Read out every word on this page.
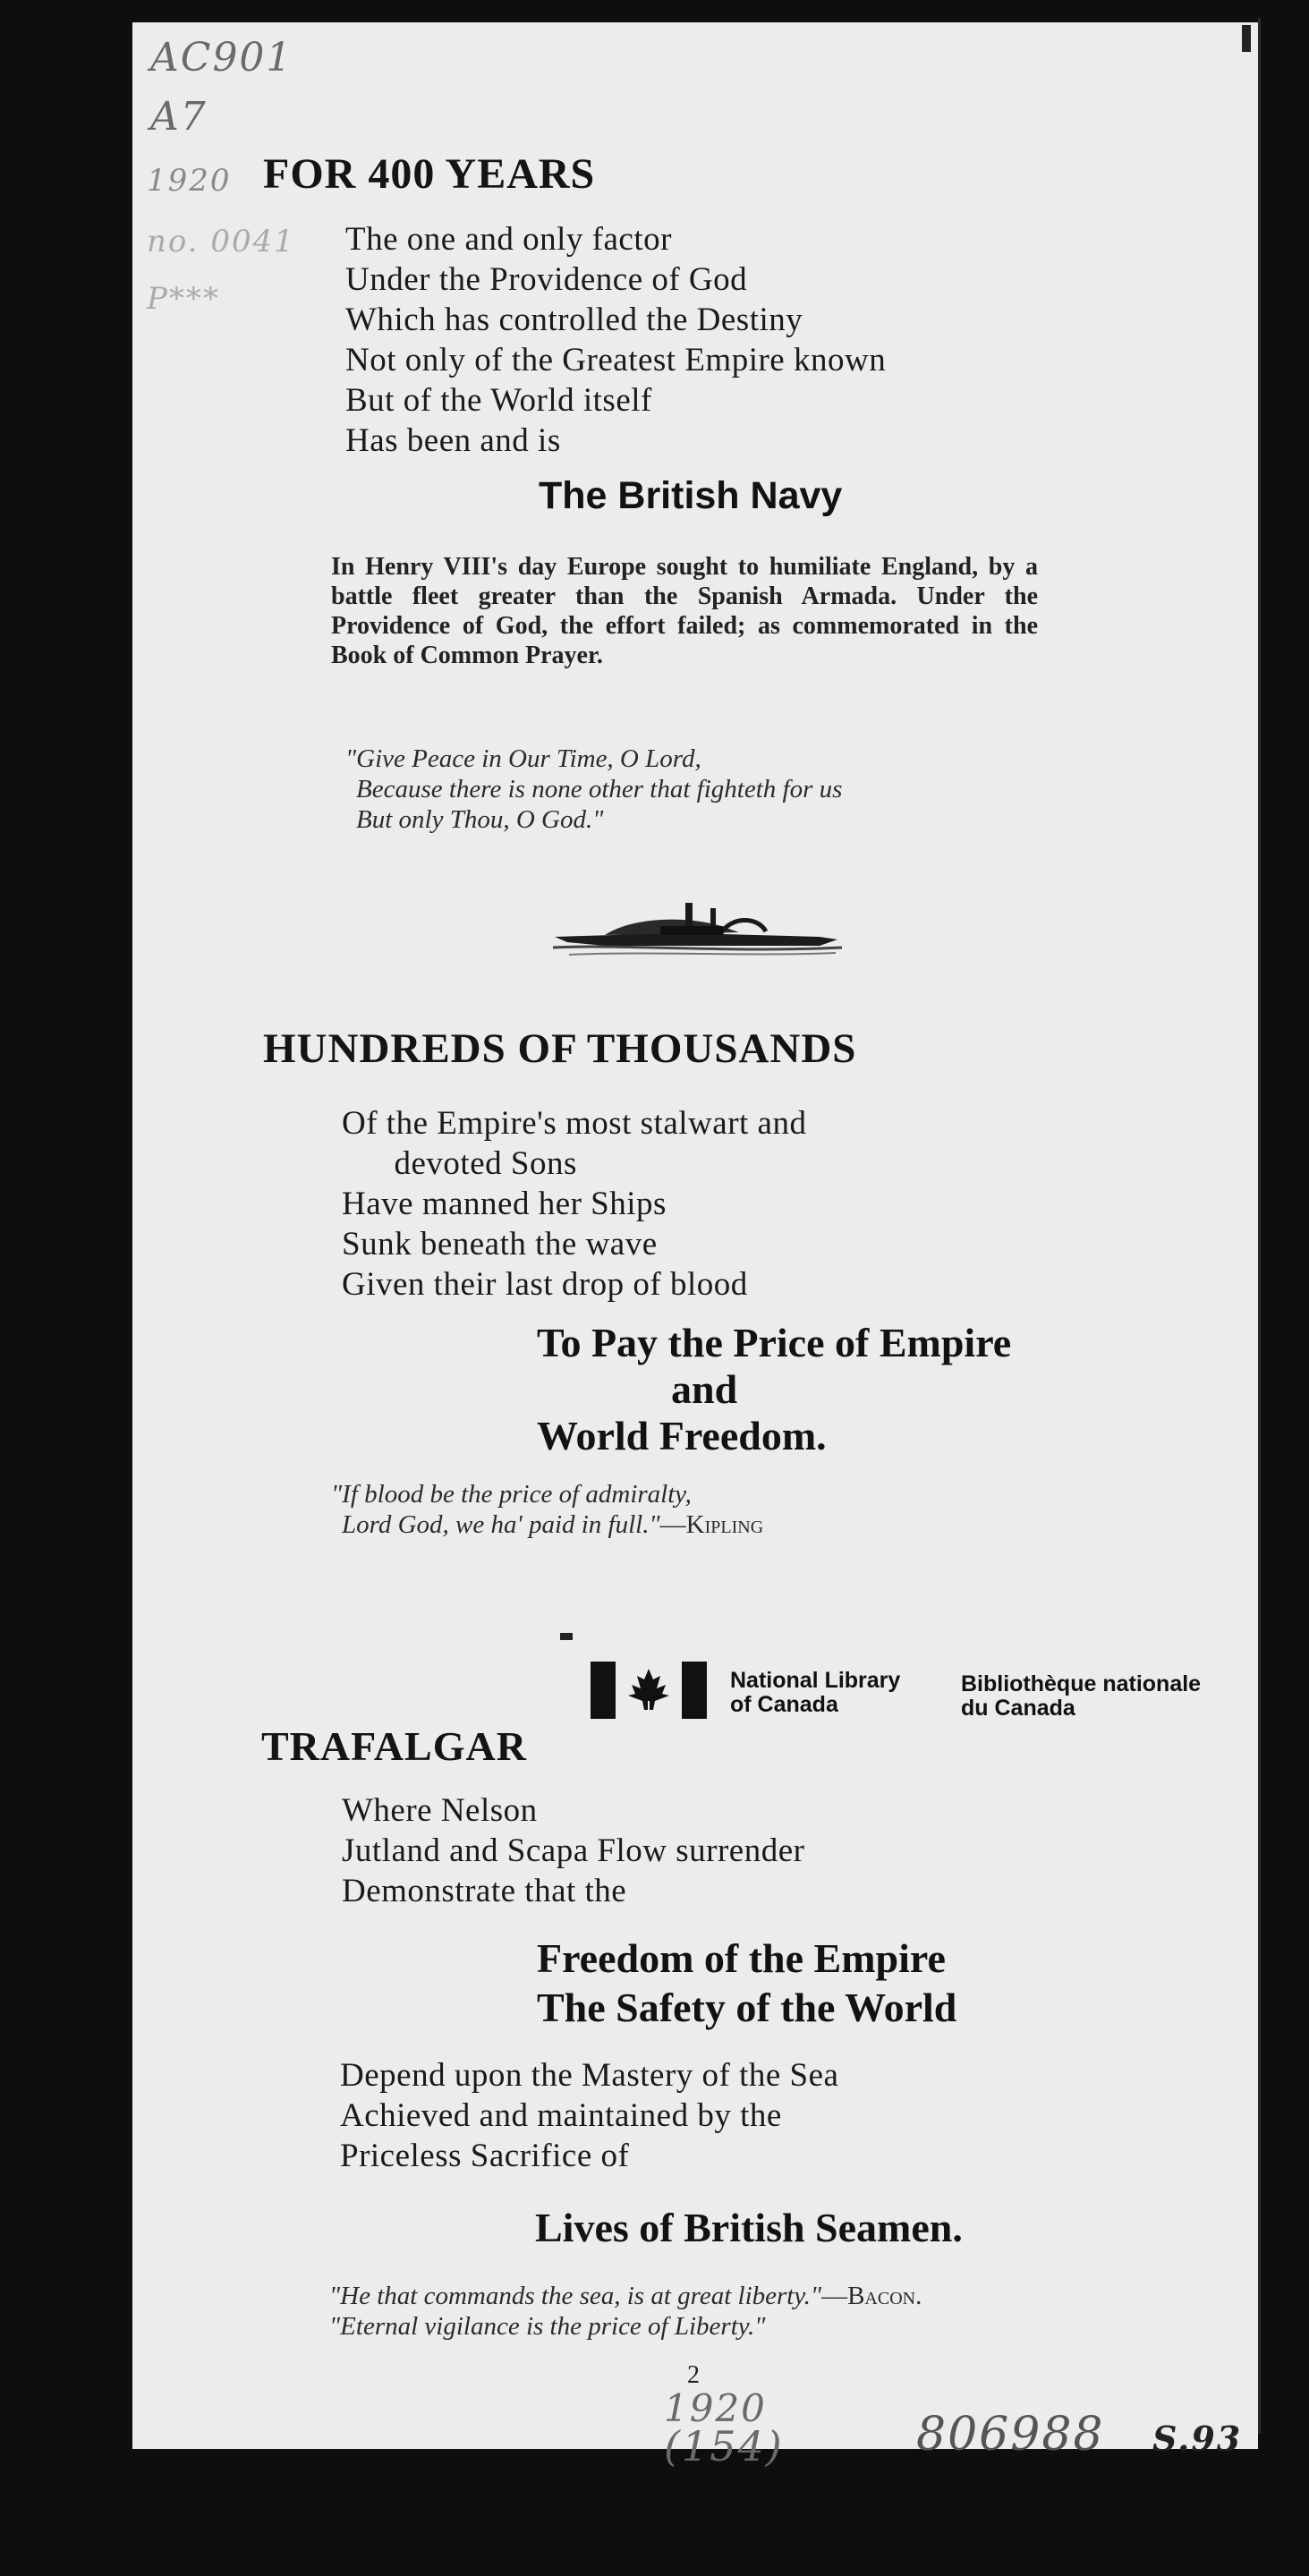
AC901
A7
1920
no. 0041
P***
FOR 400 YEARS
The one and only factor
Under the Providence of God
Which has controlled the Destiny
Not only of the Greatest Empire known
But of the World itself
Has been and is
The British Navy
In Henry VIII's day Europe sought to humiliate England, by a battle fleet greater than the Spanish Armada. Under the Providence of God, the effort failed; as commemorated in the Book of Common Prayer.
"Give Peace in Our Time, O Lord,
Because there is none other that fighteth for us
But only Thou, O God."
HUNDREDS OF THOUSANDS
Of the Empire's most stalwart and
devoted Sons
Have manned her Ships
Sunk beneath the wave
Given their last drop of blood
To Pay the Price of Empire
and
World Freedom.
"If blood be the price of admiralty,
Lord God, we ha' paid in full."—Kipling
National Library
of Canada
Bibliothèque nationale
du Canada
TRAFALGAR
Where Nelson
Jutland and Scapa Flow surrender
Demonstrate that the
Freedom of the Empire
The Safety of the World
Depend upon the Mastery of the Sea
Achieved and maintained by the
Priceless Sacrifice of
Lives of British Seamen.
"He that commands the sea, is at great liberty."—Bacon.
"Eternal vigilance is the price of Liberty."
2
1920
(154)	806988 S.93
